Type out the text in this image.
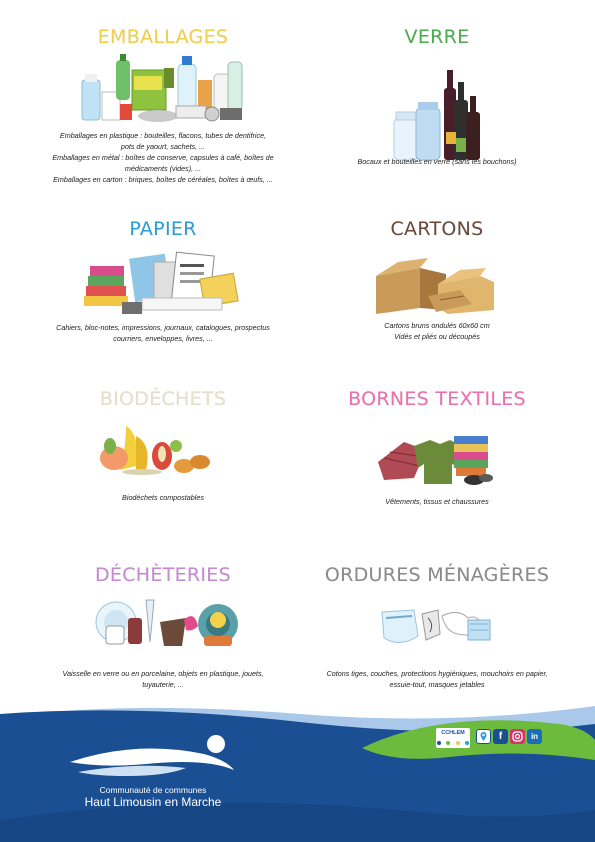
EMBALLAGES
Emballages en plastique : bouteilles, flacons, tubes de dentifrice,
pots de yaourt, sachets, ...
Emballages en métal : boîtes de conserve, capsules à café, boîtes de
médicaments (vides), ...
Emballages en carton : briques, boîtes de céréales, boîtes à œufs, ...
VERRE
Bocaux et bouteilles en verre (sans les bouchons)
PAPIER
Cahiers, bloc-notes, impressions, journaux, catalogues, prospectus
courriers, enveloppes, livres, ...
CARTONS
Cartons bruns ondulés 60x60 cm
Vidés et pliés ou découpés
BIODÉCHETS
Biodéchets compostables
BORNES TEXTILES
Vêtements, tissus et chaussures
DÉCHÈTERIES
Vaisselle en verre ou en porcelaine, objets en plastique, jouets,
tuyauterie, ...
ORDURES MÉNAGÈRES
Cotons tiges, couches, protections hygiéniques, mouchoirs en papier,
essuie-tout, masques jetables
Communauté de communes
Haut Limousin en Marche
CCHLEM
	f	in
